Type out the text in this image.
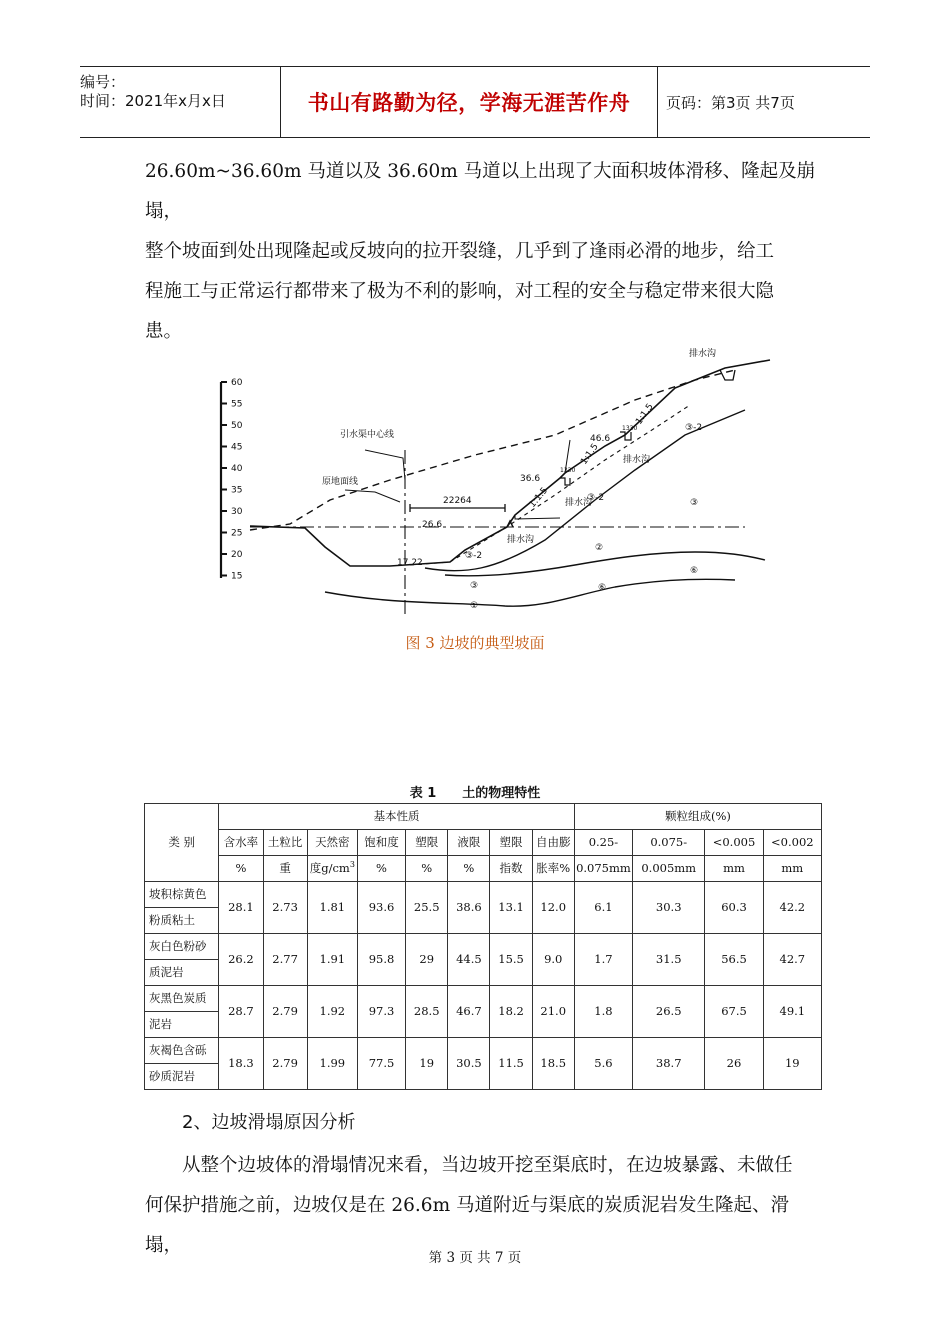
编号：
时间：2021年x月x日	书山有路勤为径，学海无涯苦作舟	页码：第3页 共7页

26.60m~36.60m 马道以及 36.60m 马道以上出现了大面积坡体滑移、隆起及崩塌，

整个坡面到处出现隆起或反坡向的拉开裂缝，几乎到了逢雨必滑的地步，给工

程施工与正常运行都带来了极为不利的影响，对工程的安全与稳定带来很大隐

患。

60
55
50
45
40
35
30
25
20
15
排水沟
排水沟
排水沟
排水沟
引水渠中心线
原地面线
22264
46.6
1330
36.6
1330
26.6
17.22
1:1.5
1:1.5
1:1.5
③-2
③-2
③-2
③
③
②
⑥
⑥
①
图 3 边坡的典型坡面
表 1 土的物理特性
类 别	基本性质								颗粒组成(%)			
	含水率	土粒比	天然密	饱和度	塑限	液限	塑限	自由膨	0.25-	0.075-	<0.005	<0.002
	%	重	度$g/cm^3$	%	%	%	指数	胀率%	0.075mm	0.005mm	mm	mm
坡积棕黄色	28.1	2.73	1.81	93.6	25.5	38.6	13.1	12.0	6.1	30.3	60.3	42.2
粉质粘土												
灰白色粉砂	26.2	2.77	1.91	95.8	29	44.5	15.5	9.0	1.7	31.5	56.5	42.7
质泥岩												
灰黑色炭质	28.7	2.79	1.92	97.3	28.5	46.7	18.2	21.0	1.8	26.5	67.5	49.1
泥岩												
灰褐色含砾	18.3	2.79	1.99	77.5	19	30.5	11.5	18.5	5.6	38.7	26	19
砂质泥岩												
2、边坡滑塌原因分析

从整个边坡体的滑塌情况来看，当边坡开挖至渠底时，在边坡暴露、未做任

何保护措施之前，边坡仅是在 26.6m 马道附近与渠底的炭质泥岩发生隆起、滑塌，

第 3 页 共 7 页
